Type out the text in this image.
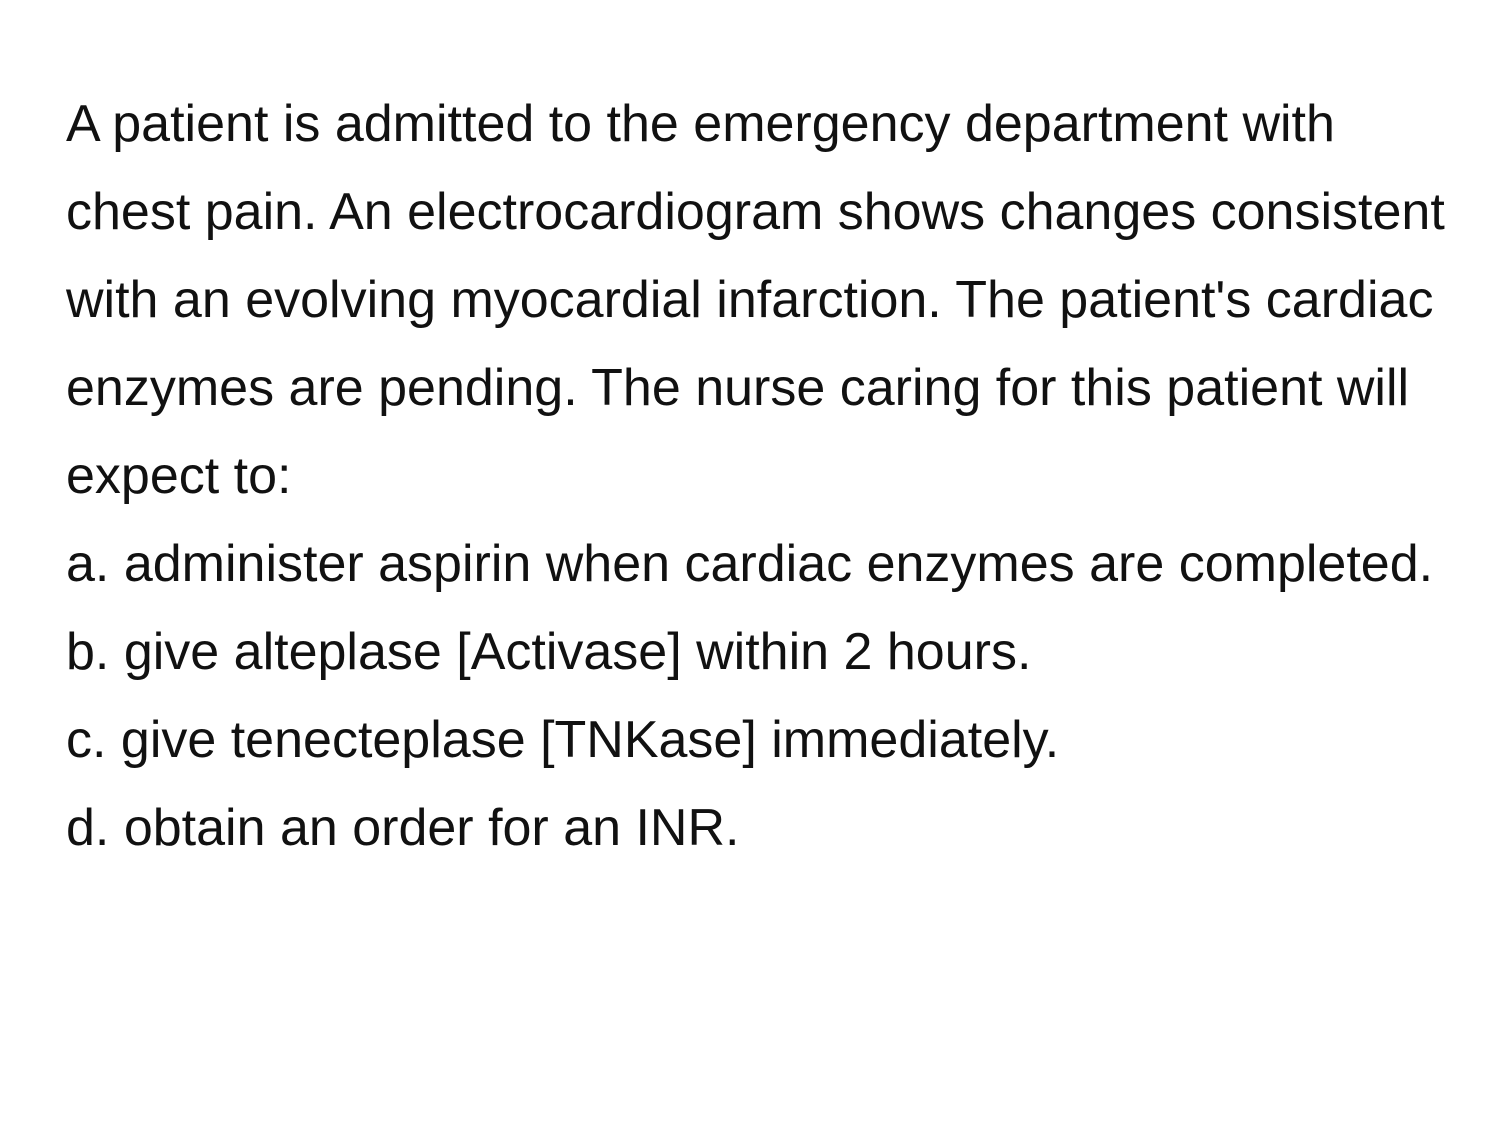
A patient is admitted to the emergency department with chest pain. An electrocardiogram shows changes consistent with an evolving myocardial infarction. The patient's cardiac enzymes are pending. The nurse caring for this patient will expect to:

a. administer aspirin when cardiac enzymes are completed.
b. give alteplase [Activase] within 2 hours.
c. give tenecteplase [TNKase] immediately.
d. obtain an order for an INR.
